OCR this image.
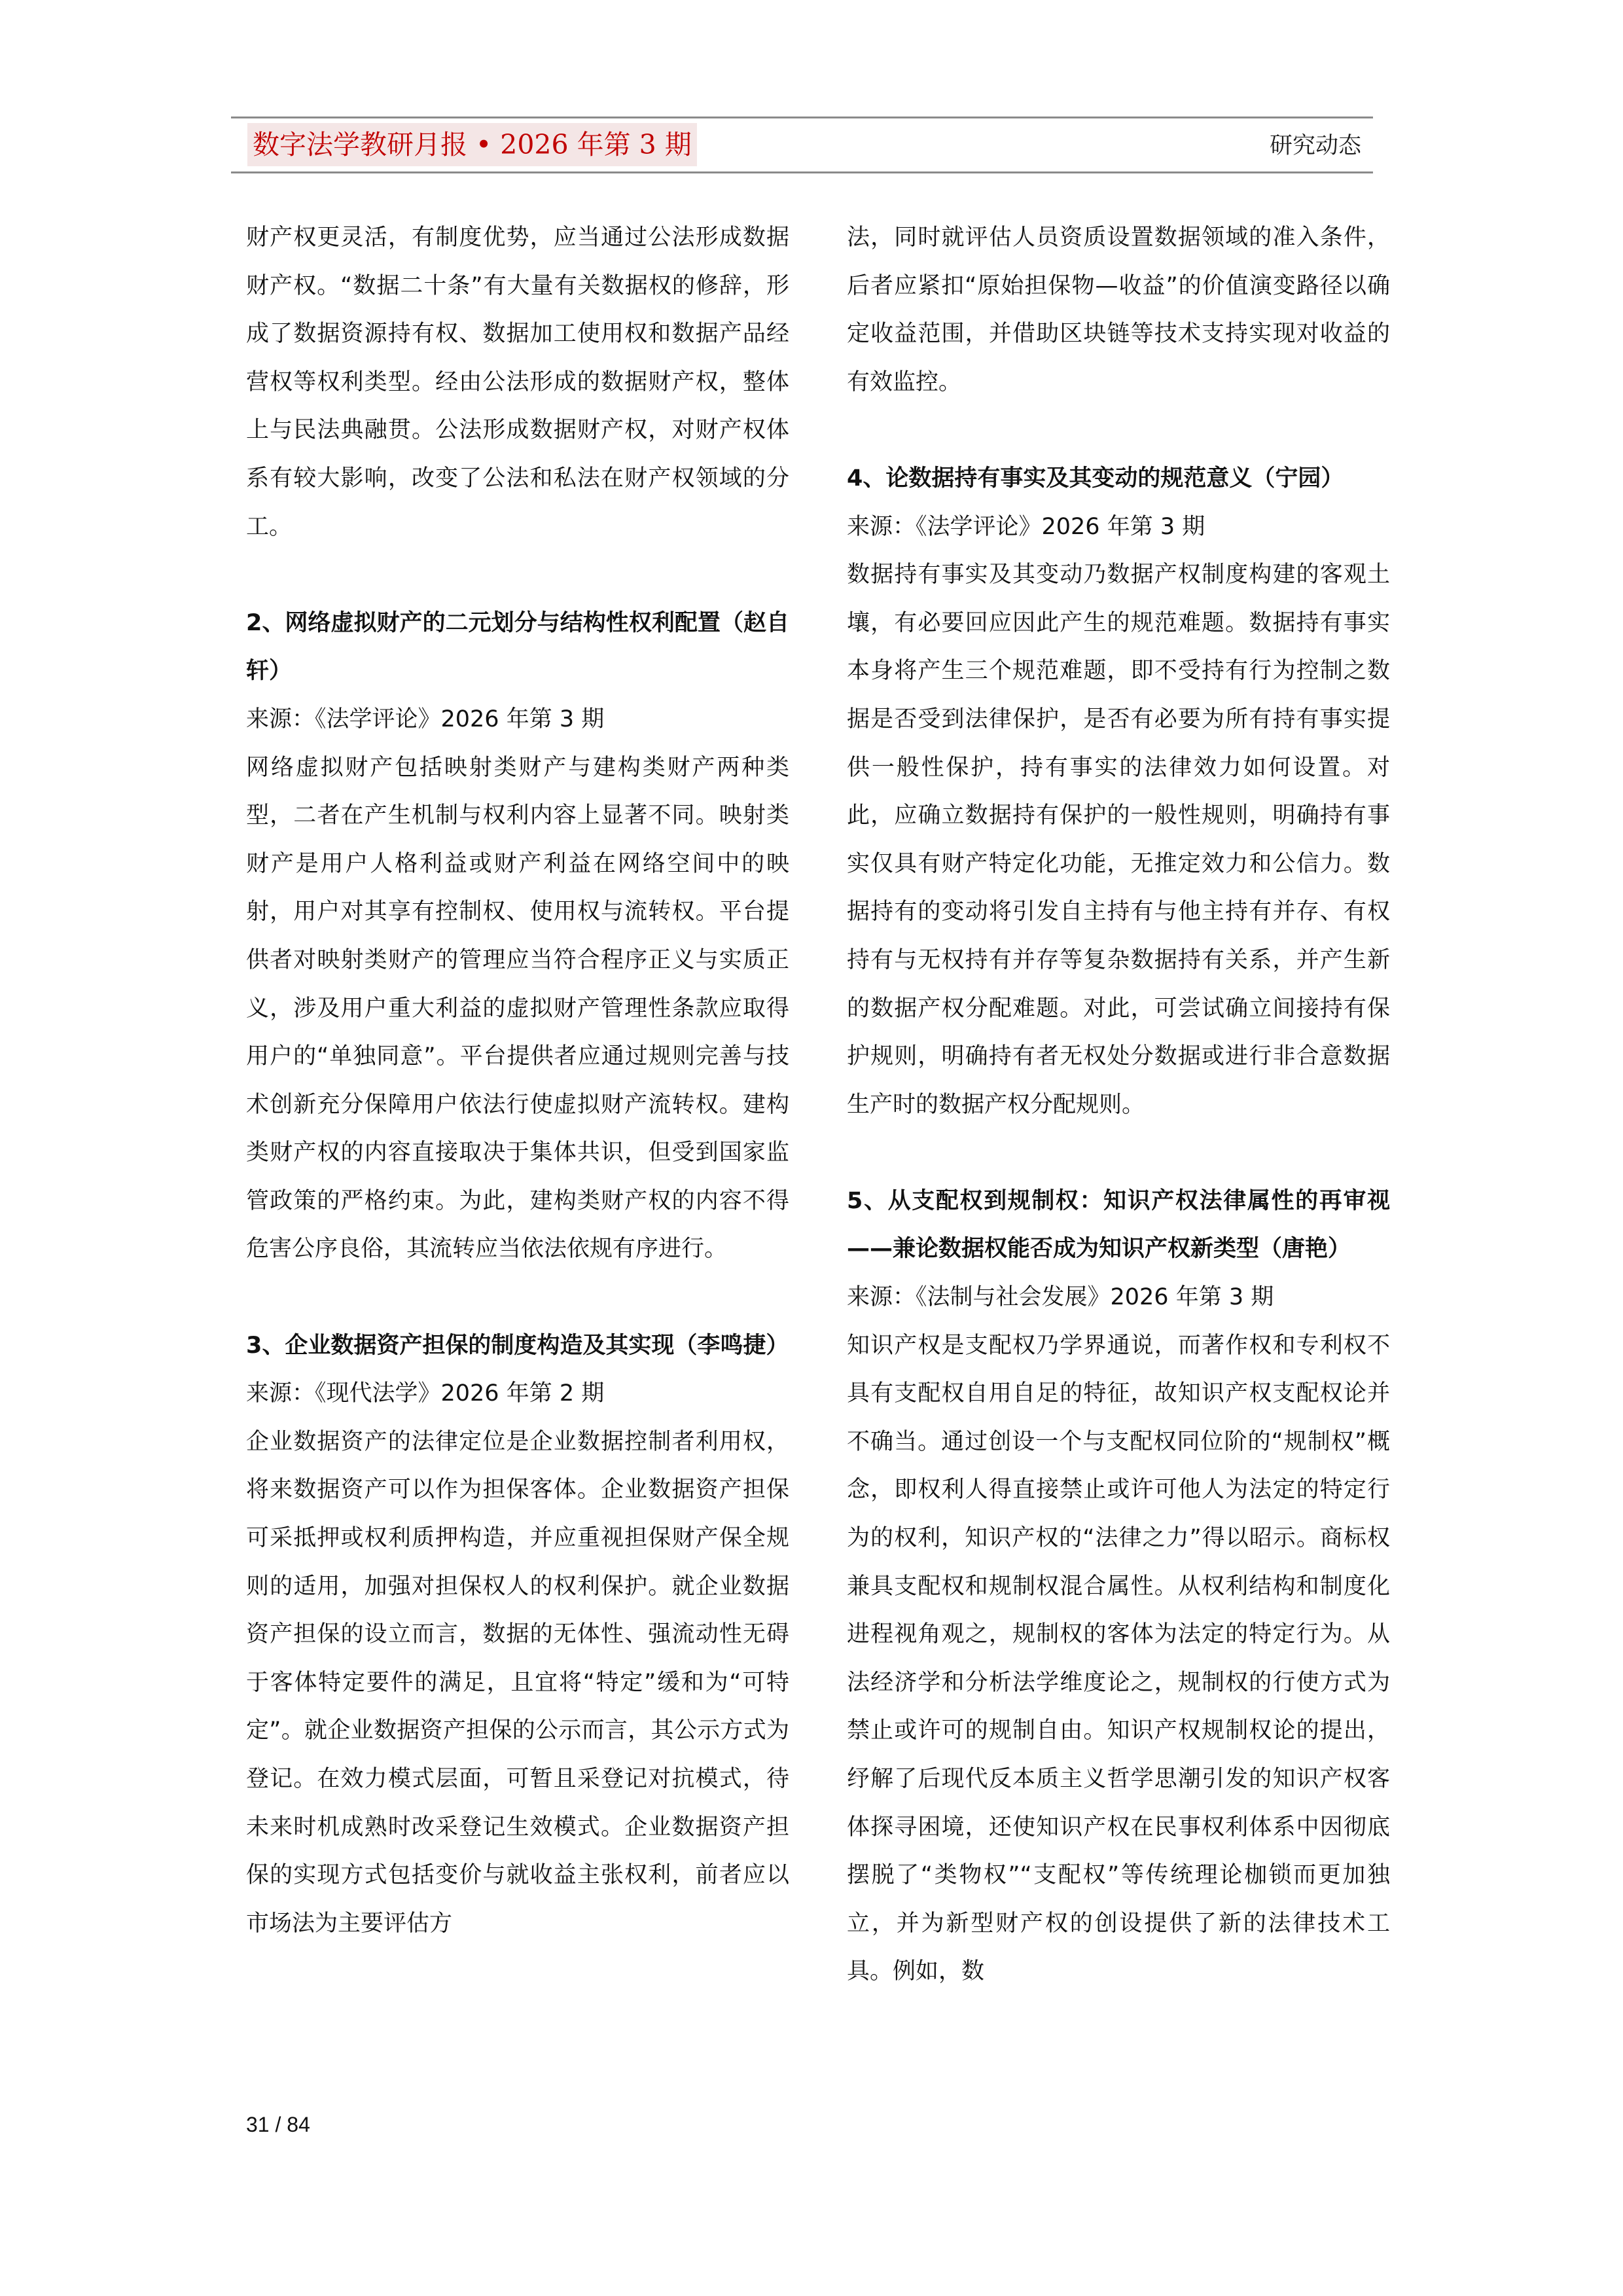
数字法学教研月报 • 2026 年第 3 期	研究动态

财产权更灵活，有制度优势，应当通过公法形成数据财产权。“数据二十条”有大量有关数据权的修辞，形成了数据资源持有权、数据加工使用权和数据产品经营权等权利类型。经由公法形成的数据财产权，整体上与民法典融贯。公法形成数据财产权，对财产权体系有较大影响，改变了公法和私法在财产权领域的分工。

2、网络虚拟财产的二元划分与结构性权利配置（赵自轩）

来源：《法学评论》2026 年第 3 期

网络虚拟财产包括映射类财产与建构类财产两种类型，二者在产生机制与权利内容上显著不同。映射类财产是用户人格利益或财产利益在网络空间中的映射，用户对其享有控制权、使用权与流转权。平台提供者对映射类财产的管理应当符合程序正义与实质正义，涉及用户重大利益的虚拟财产管理性条款应取得用户的“单独同意”。平台提供者应通过规则完善与技术创新充分保障用户依法行使虚拟财产流转权。建构类财产权的内容直接取决于集体共识，但受到国家监管政策的严格约束。为此，建构类财产权的内容不得危害公序良俗，其流转应当依法依规有序进行。

3、企业数据资产担保的制度构造及其实现（李鸣捷）

来源：《现代法学》2026 年第 2 期

企业数据资产的法律定位是企业数据控制者利用权，将来数据资产可以作为担保客体。企业数据资产担保可采抵押或权利质押构造，并应重视担保财产保全规则的适用，加强对担保权人的权利保护。就企业数据资产担保的设立而言，数据的无体性、强流动性无碍于客体特定要件的满足，且宜将“特定”缓和为“可特定”。就企业数据资产担保的公示而言，其公示方式为登记。在效力模式层面，可暂且采登记对抗模式，待未来时机成熟时改采登记生效模式。企业数据资产担保的实现方式包括变价与就收益主张权利，前者应以市场法为主要评估方

法，同时就评估人员资质设置数据领域的准入条件，后者应紧扣“原始担保物—收益”的价值演变路径以确定收益范围，并借助区块链等技术支持实现对收益的有效监控。

4、论数据持有事实及其变动的规范意义（宁园）

来源：《法学评论》2026 年第 3 期

数据持有事实及其变动乃数据产权制度构建的客观土壤，有必要回应因此产生的规范难题。数据持有事实本身将产生三个规范难题，即不受持有行为控制之数据是否受到法律保护，是否有必要为所有持有事实提供一般性保护，持有事实的法律效力如何设置。对此，应确立数据持有保护的一般性规则，明确持有事实仅具有财产特定化功能，无推定效力和公信力。数据持有的变动将引发自主持有与他主持有并存、有权持有与无权持有并存等复杂数据持有关系，并产生新的数据产权分配难题。对此，可尝试确立间接持有保护规则，明确持有者无权处分数据或进行非合意数据生产时的数据产权分配规则。

5、从支配权到规制权：知识产权法律属性的再审视——兼论数据权能否成为知识产权新类型（唐艳）

来源：《法制与社会发展》2026 年第 3 期

知识产权是支配权乃学界通说，而著作权和专利权不具有支配权自用自足的特征，故知识产权支配权论并不确当。通过创设一个与支配权同位阶的“规制权”概念，即权利人得直接禁止或许可他人为法定的特定行为的权利，知识产权的“法律之力”得以昭示。商标权兼具支配权和规制权混合属性。从权利结构和制度化进程视角观之，规制权的客体为法定的特定行为。从法经济学和分析法学维度论之，规制权的行使方式为禁止或许可的规制自由。知识产权规制权论的提出，纾解了后现代反本质主义哲学思潮引发的知识产权客体探寻困境，还使知识产权在民事权利体系中因彻底摆脱了“类物权”“支配权”等传统理论枷锁而更加独立，并为新型财产权的创设提供了新的法律技术工具。例如，数

31 / 84
